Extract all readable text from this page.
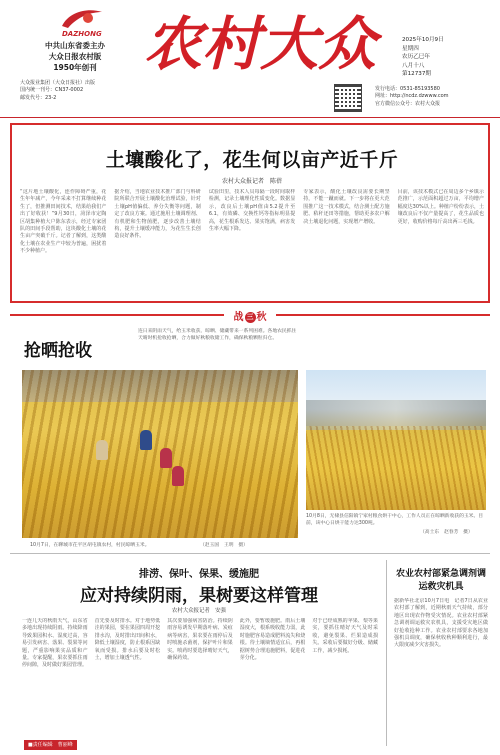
DAZHONG
中共山东省委主办
大众日报农村版
1950年创刊 农村大众	2025年10月9日
星期四
农历乙巳年
八月十八
第12737期
大众报业集团（大众日报社）出版
国内统一刊号：CN37-0002
邮发代号：23-2
发行电话：0531-85193580
网址：http://ncdz.dzwww.com
官方微信公众号：农村大众报
土壤酸化了，花生何以亩产近千斤
农村大众报记者　陈蓓
“这片地土壤酸化，连作障碍严重，花生年年减产，今年采来不打算继续种花生了，但推测田间技术，结果给我们产出了好收获！”9月30日，菏泽市定陶区胡集种植大户陈东表示，经过专家团队的田间手段帮助，这块酸化土壤的花生亩产突破千斤。记者了解到，这类酸化土壤在农业生产中较为普遍，困扰着不少种植户。
据介绍，当地农业技术推广部门与科研院所联合开展土壤酸化治理试验，针对土壤pH值偏低、养分失衡等问题，制定了改良方案。通过施用土壤调理剂、有机肥和生物菌肥，逐步改善土壤结构，提升土壤缓冲能力，为花生生长创造良好条件。
试验田里，技术人员每隔一段时间取样检测，记录土壤理化性质变化。数据显示，改良后土壤pH值由5.2提升至6.1，有效磷、交换性钙等指标明显提高，花生根系发达、果实饱满，病害发生率大幅下降。
专家表示，酸化土壤改良需要长期坚持，不能一蹴而就。下一步将在更大范围推广这一技术模式，结合测土配方施肥、秸秆还田等措施，帮助更多农户解决土壤退化问题，实现增产增收。
目前，该技术模式已在周边多个乡镇示范推广，示范面积超过万亩，平均增产幅度达30%以上。种植户纷纷表示，土壤改良后不仅产量提高了，花生品质也更好，收购价格每斤高出两三毛钱。
战 三 秋
抢晒抢收
连日来阴雨天气，给玉米收获、晾晒、储藏带来一系列困难。各地农民抓住天晴时机抢收抢晒，合力做好秋粮收储工作，确保秋粮颗粒归仓。
10月7日，在聊城市茌平区胡屯镇农村，村民晾晒玉米。	（赵玉国　王明　摄）
10月8日，无棣县信阳镇宁家村粮食烘干中心，工作人员正在晾晒新收获的玉米。目前，该中心日烘干能力达300吨。
（高士东　赵春芳　摄）
排涝、保叶、保果、缓施肥
应对持续阴雨，果树要这样管理
农村大众报记者　安强
一连几天的秋雨天气，山东省多地出现持续阴雨。持续降雨导致果园积水、湿度过高，容易引发病害、落果、裂果等问题，严重影响果实品质和产量。专家提醒，果农要抓住雨停间隙，及时做好果园管理。
首先要及时排水。对于地势低洼的果园，要在果园四周开挖排水沟，及时排出田间积水，降低土壤湿度，防止根系因缺氧而受损。排水后要及时松土，增加土壤透气性。
其次要加强病害防治。持续阴雨容易诱发早期落叶病、炭疽病等病害，果农要在雨停后及时喷施杀菌剂，保护叶片和果实。喷药时要选择晴好天气，确保药效。
此外，要暂缓施肥。雨后土壤湿度大，根系吸收能力弱，此时施肥容易造成肥料流失和烧根。待土壤墒情适宜后，再根据树势合理追施肥料，促进花芽分化。
对于已经成熟的苹果、梨等果实，要抓住晴好天气及时采收，避免裂果、烂果造成损失。采收后要做好分级、储藏工作，减少损耗。
■责任编辑　曹丽峰
农业农村部紧急调剂调运救灾机具
据新华社北京10月7日电　记者7日从农业农村部了解到，近期秋雨天气持续，部分地区出现农作物受灾情况。农业农村部紧急调剂调运救灾农机具，支援受灾地区做好抢收抢种工作。农业农村部要求各地加强机具调度，确保秋收秋种顺利进行，最大限度减少灾害损失。
